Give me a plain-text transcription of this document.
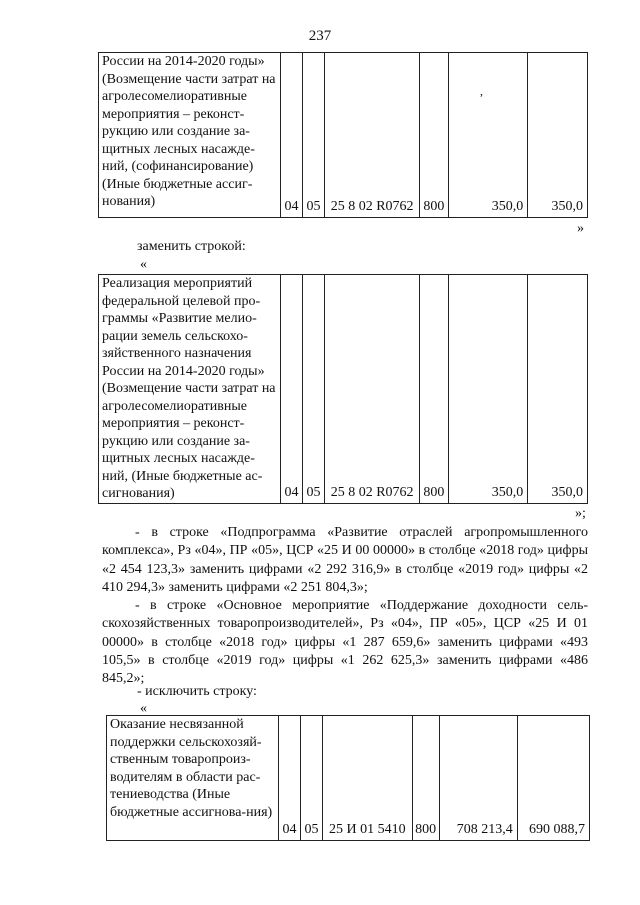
237
России на 2014-2020 годы» (Возмещение части затрат на агролесомелиоративные мероприятия – реконст-рукцию или создание за-щитных лесных насажде-ний, (софинансирование) (Иные бюджетные ассиг-нования)	04	05	25 8 02 R0762	800	350,0	350,0
,
»
заменить строкой:
«
Реализация мероприятий федеральной целевой про-граммы «Развитие мелио-рации земель сельскохо-зяйственного назначения России на 2014-2020 годы» (Возмещение части затрат на агролесомелиоративные мероприятия – реконст-рукцию или создание за-щитных лесных насажде-ний, (Иные бюджетные ас-сигнования)	04	05	25 8 02 R0762	800	350,0	350,0
»;

- в строке «Подпрограмма «Развитие отраслей агропромышленного комплекса», Рз «04», ПР «05», ЦСР «25 И 00 00000» в столбце «2018 год» цифры «2 454 123,3» заменить цифрами «2 292 316,9» в столбце «2019 год» цифры «2 410 294,3» заменить цифрами «2 251 804,3»;

- в строке «Основное мероприятие «Поддержание доходности сель-скохозяйственных товаропроизводителей», Рз «04», ПР «05», ЦСР «25 И 01 00000» в столбце «2018 год» цифры «1 287 659,6» заменить цифрами «493 105,5» в столбце «2019 год» цифры «1 262 625,3» заменить цифрами «486 845,2»;

- исключить строку:
«
Оказание несвязанной поддержки сельскохозяй-ственным товаропроиз-водителям в области рас-тениеводства (Иные бюджетные ассигнова-ния)	04	05	25 И 01 5410	800	708 213,4	690 088,7
